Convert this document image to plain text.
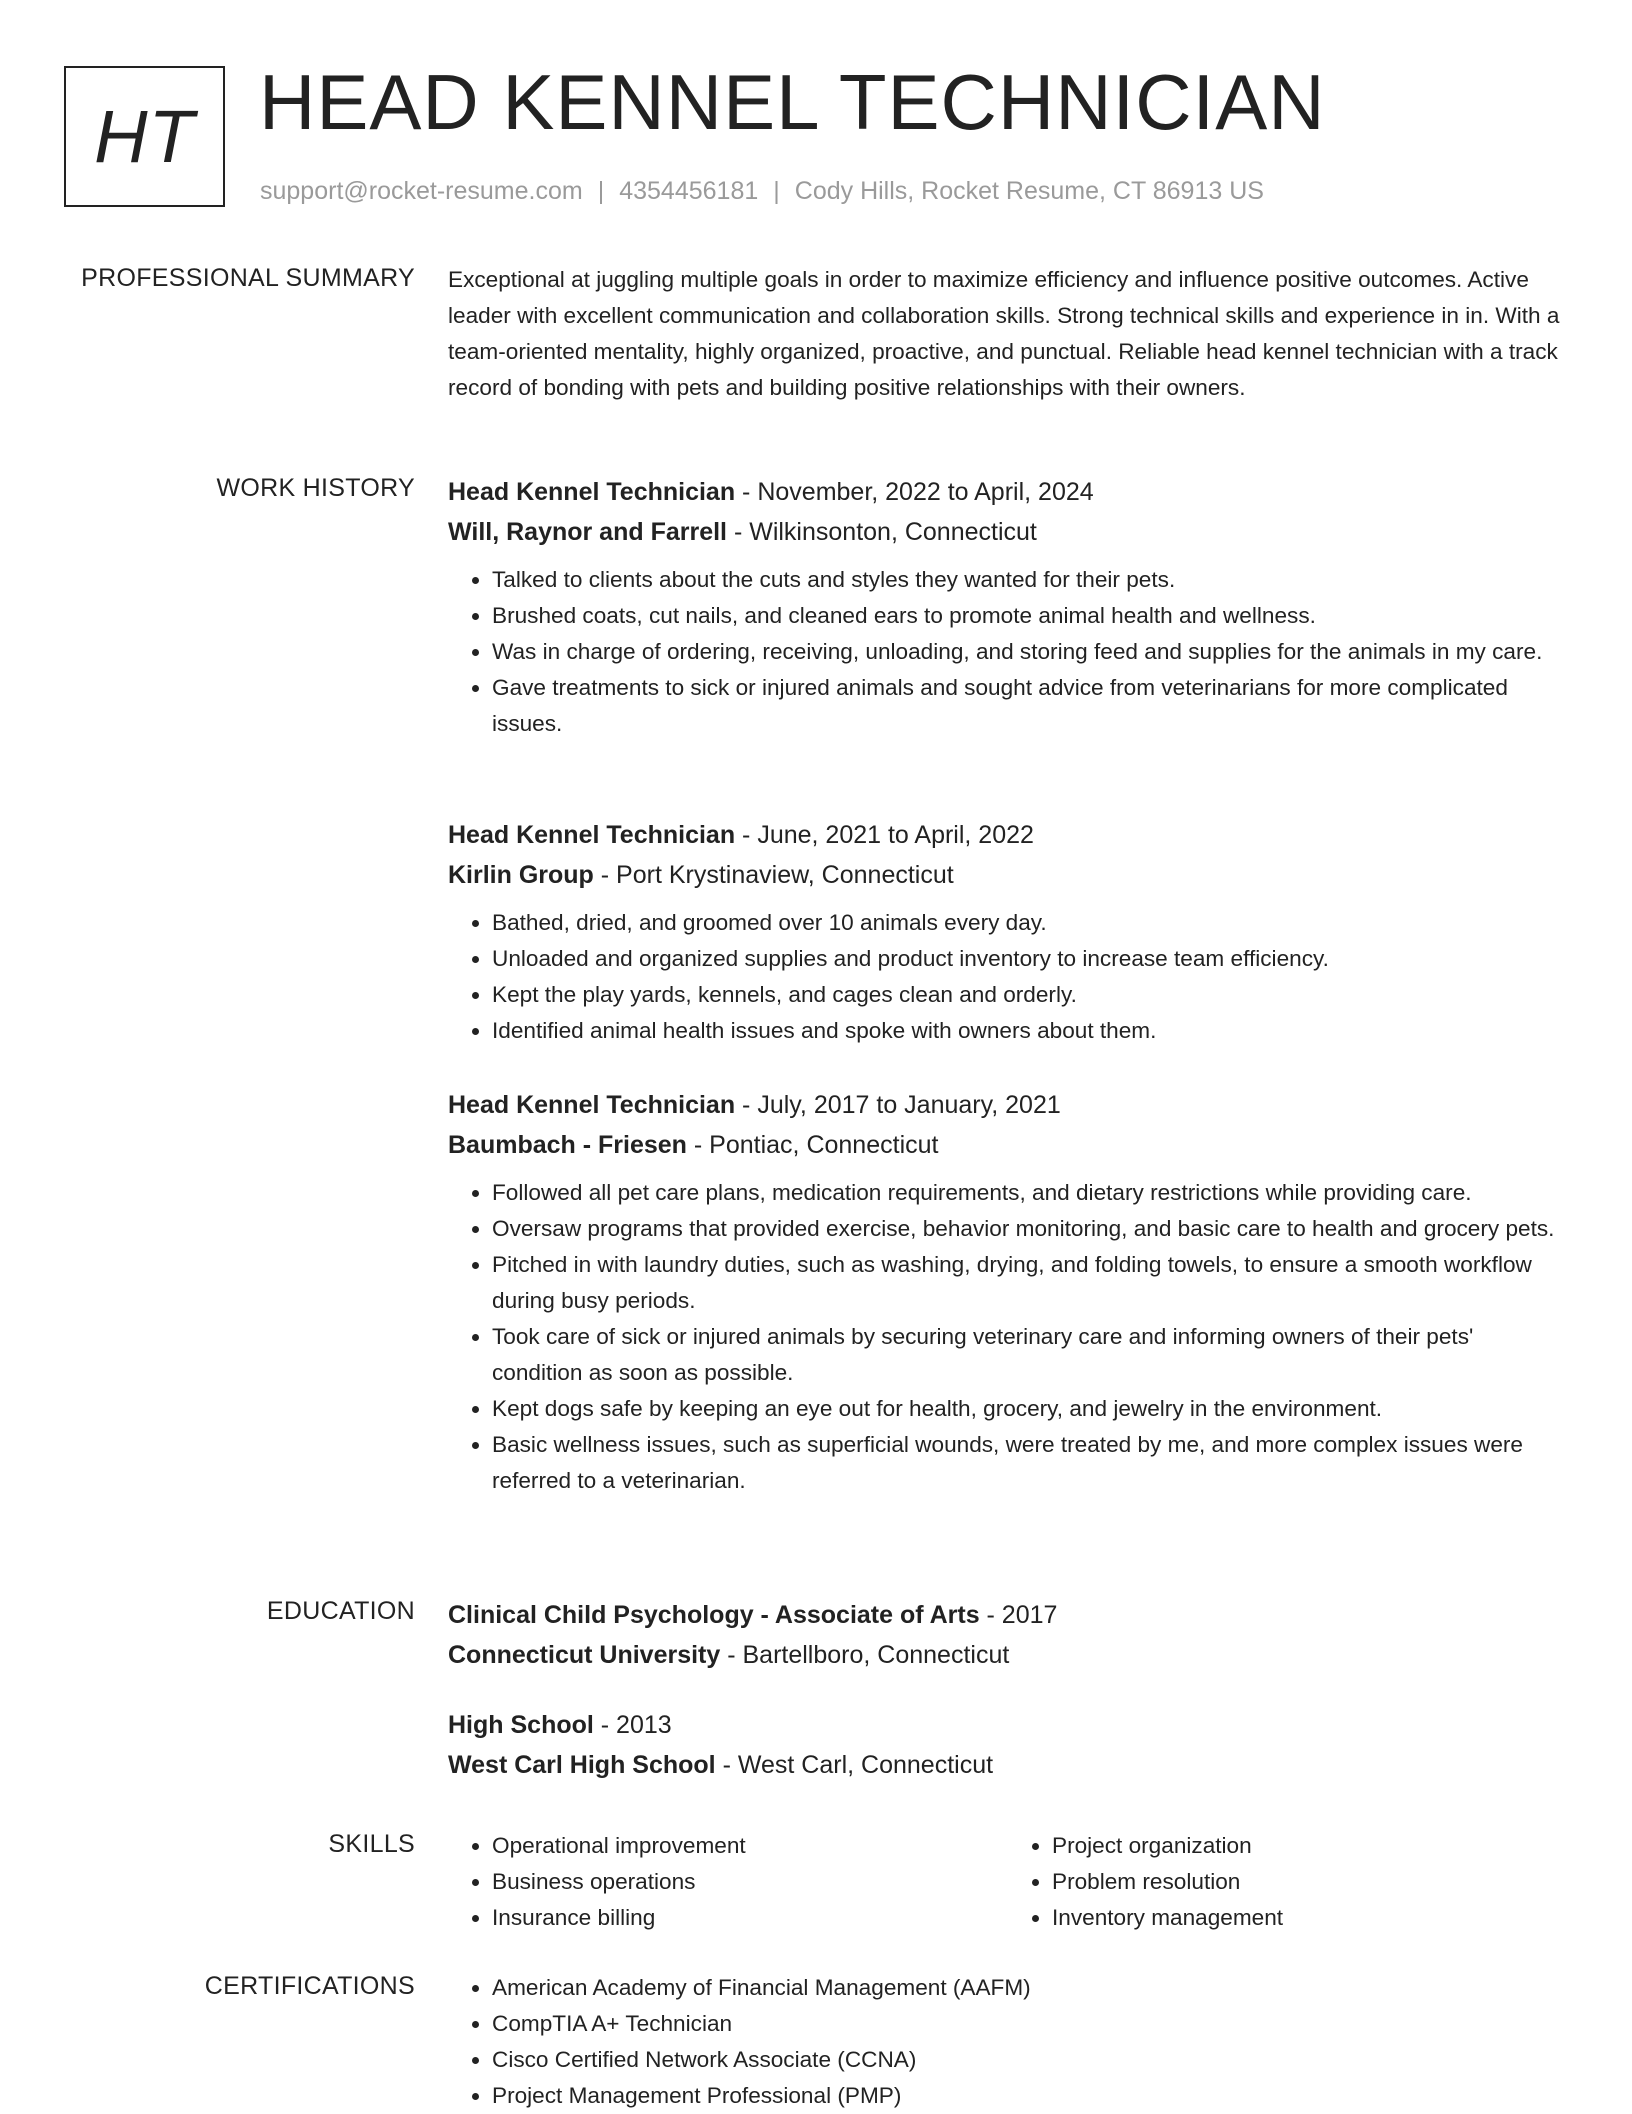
HT HEAD KENNEL TECHNICIAN
support@rocket-resume.com | 4354456181 | Cody Hills, Rocket Resume, CT 86913 US
PROFESSIONAL SUMMARY Exceptional at juggling multiple goals in order to maximize efficiency and influence positive outcomes. Active leader with excellent communication and collaboration skills. Strong technical skills and experience in in. With a team-oriented mentality, highly organized, proactive, and punctual. Reliable head kennel technician with a track record of bonding with pets and building positive relationships with their owners.

WORK HISTORY Head Kennel Technician - November, 2022 to April, 2024
Will, Raynor and Farrell - Wilkinsonton, Connecticut
• Talked to clients about the cuts and styles they wanted for their pets.
• Brushed coats, cut nails, and cleaned ears to promote animal health and wellness.
• Was in charge of ordering, receiving, unloading, and storing feed and supplies for the animals in my care.
• Gave treatments to sick or injured animals and sought advice from veterinarians for more complicated issues.
Head Kennel Technician - June, 2021 to April, 2022
Kirlin Group - Port Krystinaview, Connecticut
• Bathed, dried, and groomed over 10 animals every day.
• Unloaded and organized supplies and product inventory to increase team efficiency.
• Kept the play yards, kennels, and cages clean and orderly.
• Identified animal health issues and spoke with owners about them.
Head Kennel Technician - July, 2017 to January, 2021
Baumbach - Friesen - Pontiac, Connecticut
• Followed all pet care plans, medication requirements, and dietary restrictions while providing care.
• Oversaw programs that provided exercise, behavior monitoring, and basic care to health and grocery pets.
• Pitched in with laundry duties, such as washing, drying, and folding towels, to ensure a smooth workflow during busy periods.
• Took care of sick or injured animals by securing veterinary care and informing owners of their pets' condition as soon as possible.
• Kept dogs safe by keeping an eye out for health, grocery, and jewelry in the environment.
• Basic wellness issues, such as superficial wounds, were treated by me, and more complex issues were referred to a veterinarian.
EDUCATION Clinical Child Psychology - Associate of Arts - 2017
Connecticut University - Bartellboro, Connecticut
High School - 2013
West Carl High School - West Carl, Connecticut
SKILLS	• Operational improvement
• Business operations
• Insurance billing
• Project organization
• Problem resolution
• Inventory management
CERTIFICATIONS	• American Academy of Financial Management (AAFM)
• CompTIA A+ Technician
• Cisco Certified Network Associate (CCNA)
• Project Management Professional (PMP)
